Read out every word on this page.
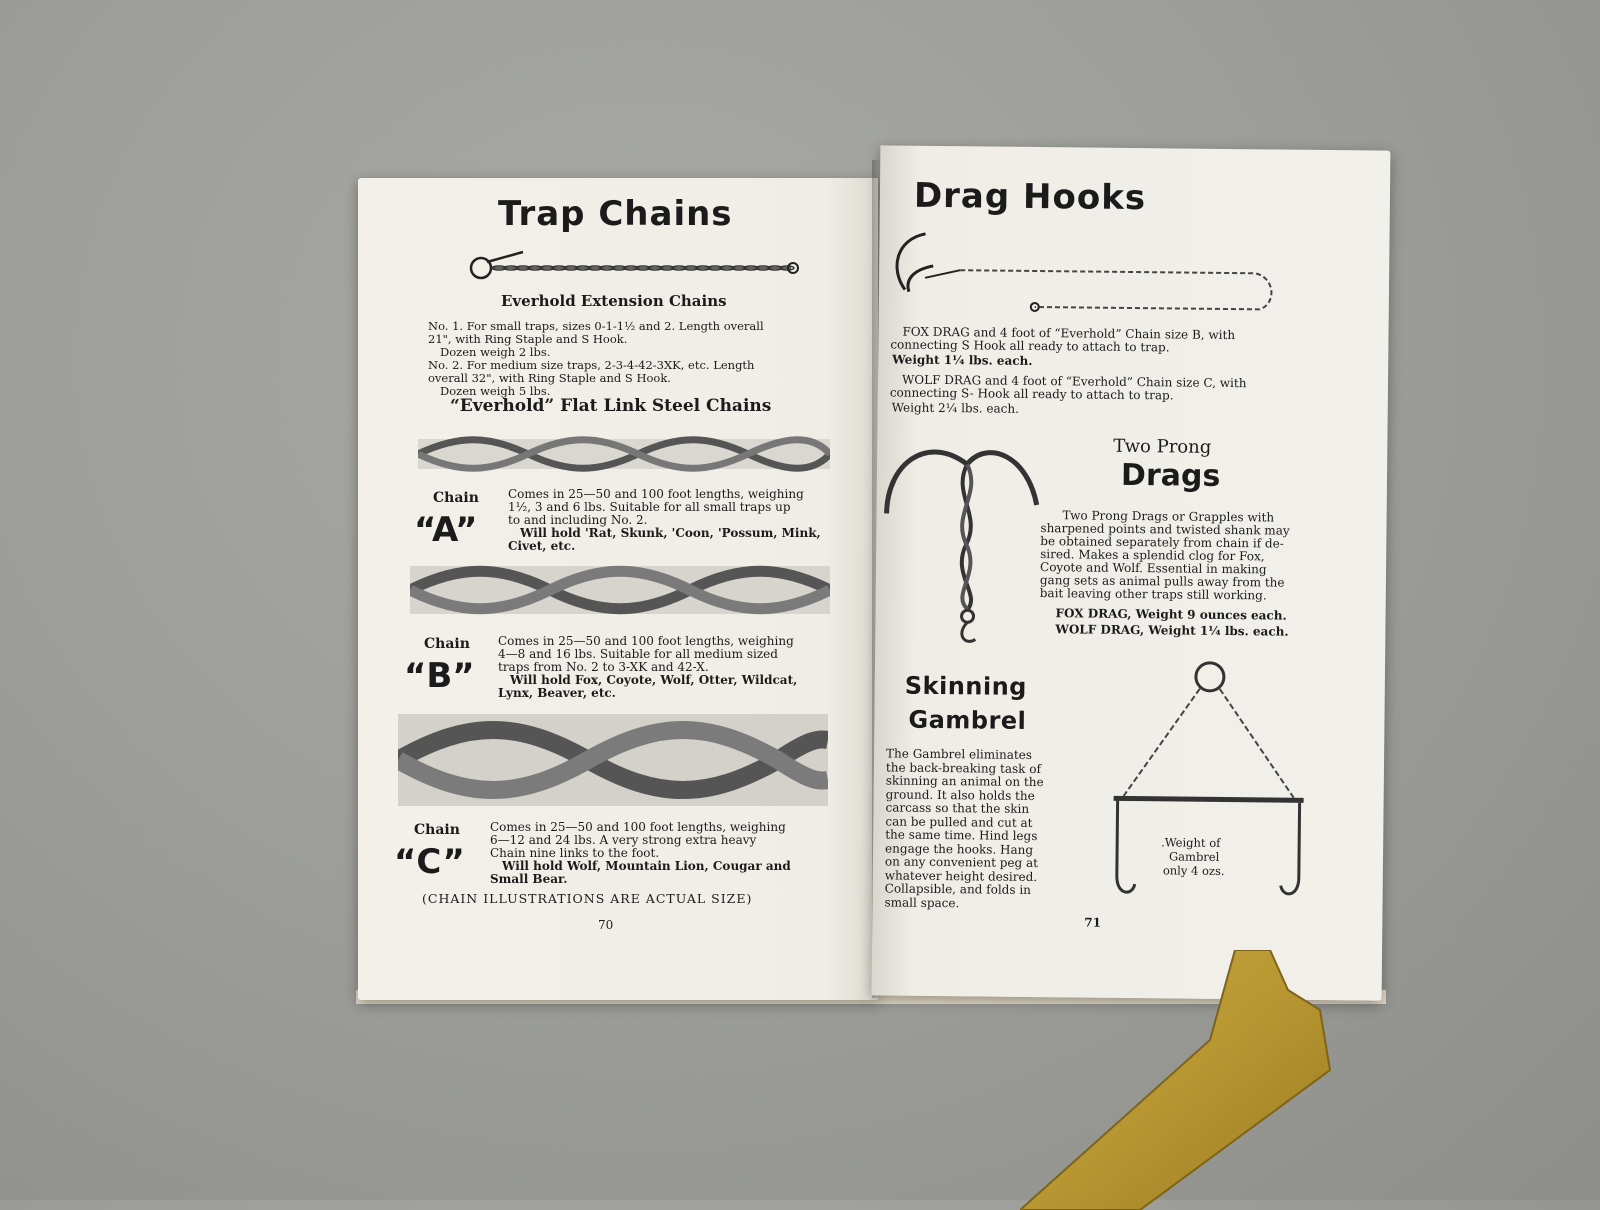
Trap Chains
Everhold Extension Chains
No. 1. For small traps, sizes 0-1-1½ and 2. Length overall
21", with Ring Staple and S Hook.
Dozen weigh 2 lbs.
No. 2. For medium size traps, 2-3-4-42-3XK, etc. Length
overall 32", with Ring Staple and S Hook.
Dozen weigh 5 lbs.
“Everhold” Flat Link Steel Chains
Chain
“A”
Comes in 25—50 and 100 foot lengths, weighing
1½, 3 and 6 lbs. Suitable for all small traps up
to and including No. 2.
Will hold 'Rat, Skunk, 'Coon, 'Possum, Mink,
Civet, etc.
Chain
“B”
Comes in 25—50 and 100 foot lengths, weighing
4—8 and 16 lbs. Suitable for all medium sized
traps from No. 2 to 3-XK and 42-X.
Will hold Fox, Coyote, Wolf, Otter, Wildcat,
Lynx, Beaver, etc.
Chain
“C”
Comes in 25—50 and 100 foot lengths, weighing
6—12 and 24 lbs. A very strong extra heavy
Chain nine links to the foot.
Will hold Wolf, Mountain Lion, Cougar and
Small Bear.
(CHAIN ILLUSTRATIONS ARE ACTUAL SIZE)
70
Drag Hooks
FOX DRAG and 4 foot of “Everhold” Chain size B, with
connecting S Hook all ready to attach to trap.
Weight 1¼ lbs. each.
WOLF DRAG and 4 foot of “Everhold” Chain size C, with
connecting S- Hook all ready to attach to trap.
Weight 2¼ lbs. each.
Two Prong
Drags
Two Prong Drags or Grapples with
sharpened points and twisted shank may
be obtained separately from chain if de-
sired. Makes a splendid clog for Fox,
Coyote and Wolf. Essential in making
gang sets as animal pulls away from the
bait leaving other traps still working.
FOX DRAG, Weight 9 ounces each.
WOLF DRAG, Weight 1¼ lbs. each.
Skinning
Gambrel
The Gambrel eliminates
the back-breaking task of
skinning an animal on the
ground. It also holds the
carcass so that the skin
can be pulled and cut at
the same time. Hind legs
engage the hooks. Hang
on any convenient peg at
whatever height desired.
Collapsible, and folds in
small space.
.Weight of
Gambrel
only 4 ozs.
71
